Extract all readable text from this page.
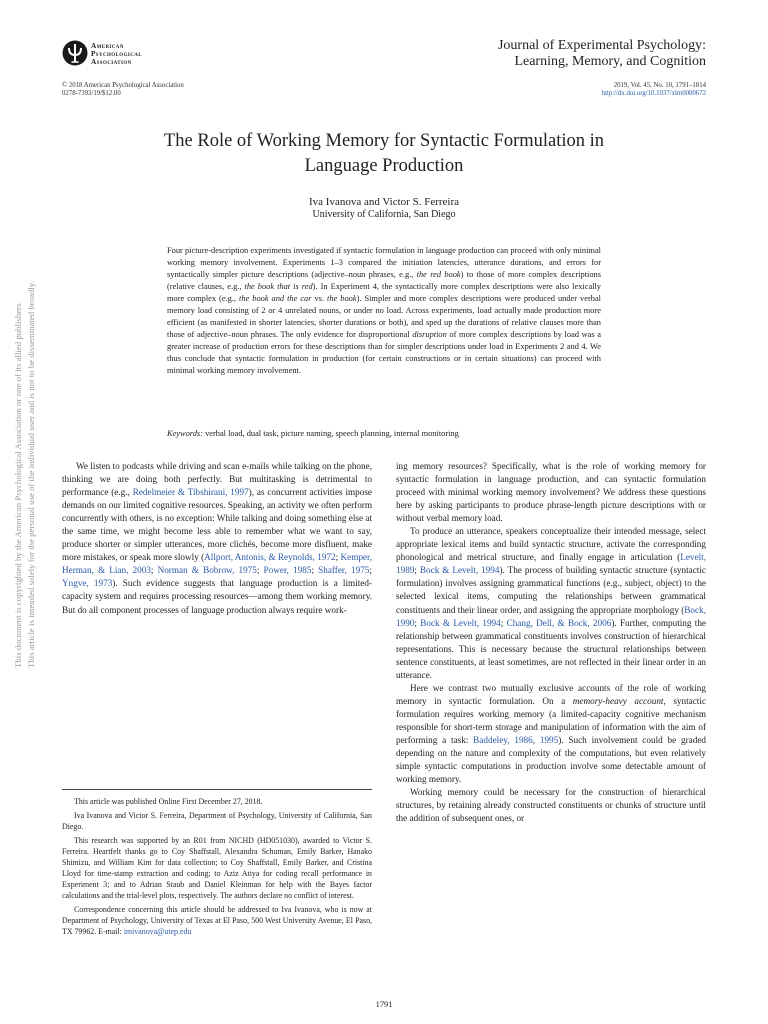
American
Psychological
Association
Journal of Experimental Psychology:
Learning, Memory, and Cognition
© 2018 American Psychological Association
0278-7393/19/$12.00
2019, Vol. 45, No. 10, 1791–1814
http://dx.doi.org/10.1037/xlm0000672
The Role of Working Memory for Syntactic Formulation in
Language Production
Iva Ivanova and Victor S. Ferreira
University of California, San Diego
Four picture-description experiments investigated if syntactic formulation in language production can proceed with only minimal working memory involvement. Experiments 1–3 compared the initiation latencies, utterance durations, and errors for syntactically simpler picture descriptions (adjective–noun phrases, e.g., the red book) to those of more complex descriptions (relative clauses, e.g., the book that is red). In Experiment 4, the syntactically more complex descriptions were also lexically more complex (e.g., the book and the car vs. the book). Simpler and more complex descriptions were produced under verbal memory load consisting of 2 or 4 unrelated nouns, or under no load. Across experiments, load actually made production more efficient (as manifested in shorter latencies, shorter durations or both), and sped up the durations of relative clauses more than those of adjective–noun phrases. The only evidence for disproportional disruption of more complex descriptions by load was a greater increase of production errors for these descriptions than for simpler descriptions under load in Experiments 2 and 4. We thus conclude that syntactic formulation in production (for certain constructions or in certain situations) can proceed with minimal working memory involvement.
Keywords: verbal load, dual task, picture naming, speech planning, internal monitoring

We listen to podcasts while driving and scan e-mails while talking on the phone, thinking we are doing both perfectly. But multitasking is detrimental to performance (e.g., Redelmeier & Tibshirani, 1997), as concurrent activities impose demands on our limited cognitive resources. Speaking, an activity we often perform concurrently with others, is no exception: While talking and doing something else at the same time, we might become less able to remember what we want to say, produce shorter or simpler utterances, more clichés, become more disfluent, make more mistakes, or speak more slowly (Allport, Antonis, & Reynolds, 1972; Kemper, Herman, & Lian, 2003; Norman & Bobrow, 1975; Power, 1985; Shaffer, 1975; Yngve, 1973). Such evidence suggests that language production is a limited-capacity system and requires processing resources—among them working memory. But do all component processes of language production always require work-

ing memory resources? Specifically, what is the role of working memory for syntactic formulation in language production, and can syntactic formulation proceed with minimal working memory involvement? We address these questions here by asking participants to produce phrase-length picture descriptions with or without verbal memory load.

To produce an utterance, speakers conceptualize their intended message, select appropriate lexical items and build syntactic structure, activate the corresponding phonological and metrical structure, and finally engage in articulation (Levelt, 1989; Bock & Levelt, 1994). The process of building syntactic structure (syntactic formulation) involves assigning grammatical functions (e.g., subject, object) to the selected lexical items, computing the relationships between grammatical constituents and their linear order, and assigning the appropriate morphology (Bock, 1990; Bock & Levelt, 1994; Chang, Dell, & Bock, 2006). Further, computing the relationship between grammatical constituents involves construction of hierarchical representations. This is necessary because the structural relationships between sentence constituents, at least sometimes, are not reflected in their linear order in an utterance.

Here we contrast two mutually exclusive accounts of the role of working memory in syntactic formulation. On a memory-heavy account, syntactic formulation requires working memory (a limited-capacity cognitive mechanism responsible for short-term storage and manipulation of information with the aim of performing a task: Baddeley, 1986, 1995). Such involvement could be graded depending on the nature and complexity of the computations, but even relatively simple syntactic computations in production involve some detectable amount of working memory.

Working memory could be necessary for the construction of hierarchical structures, by retaining already constructed constituents or chunks of structure until the addition of subsequent ones, or

This article was published Online First December 27, 2018.

Iva Ivanova and Victor S. Ferreira, Department of Psychology, University of California, San Diego.

This research was supported by an R01 from NICHD (HD051030), awarded to Victor S. Ferreira. Heartfelt thanks go to Coy Shaffstall, Alexandra Schuman, Emily Barker, Hanako Shimizu, and William Kim for data collection; to Coy Shaffstall, Emily Barker, and Cristina Lloyd for time-stamp extraction and coding; to Aziz Atiya for coding recall performance in Experiment 3; and to Adrian Staub and Daniel Kleinman for help with the Bayes factor calculations and the trial-level plots, respectively. The authors declare no conflict of interest.

Correspondence concerning this article should be addressed to Iva Ivanova, who is now at Department of Psychology, University of Texas at El Paso, 500 West University Avenue, El Paso, TX 79962. E-mail: imivanova@utep.edu

1791
This document is copyrighted by the American Psychological Association or one of its allied publishers. This article is intended solely for the personal use of the individual user and is not to be disseminated broadly.
